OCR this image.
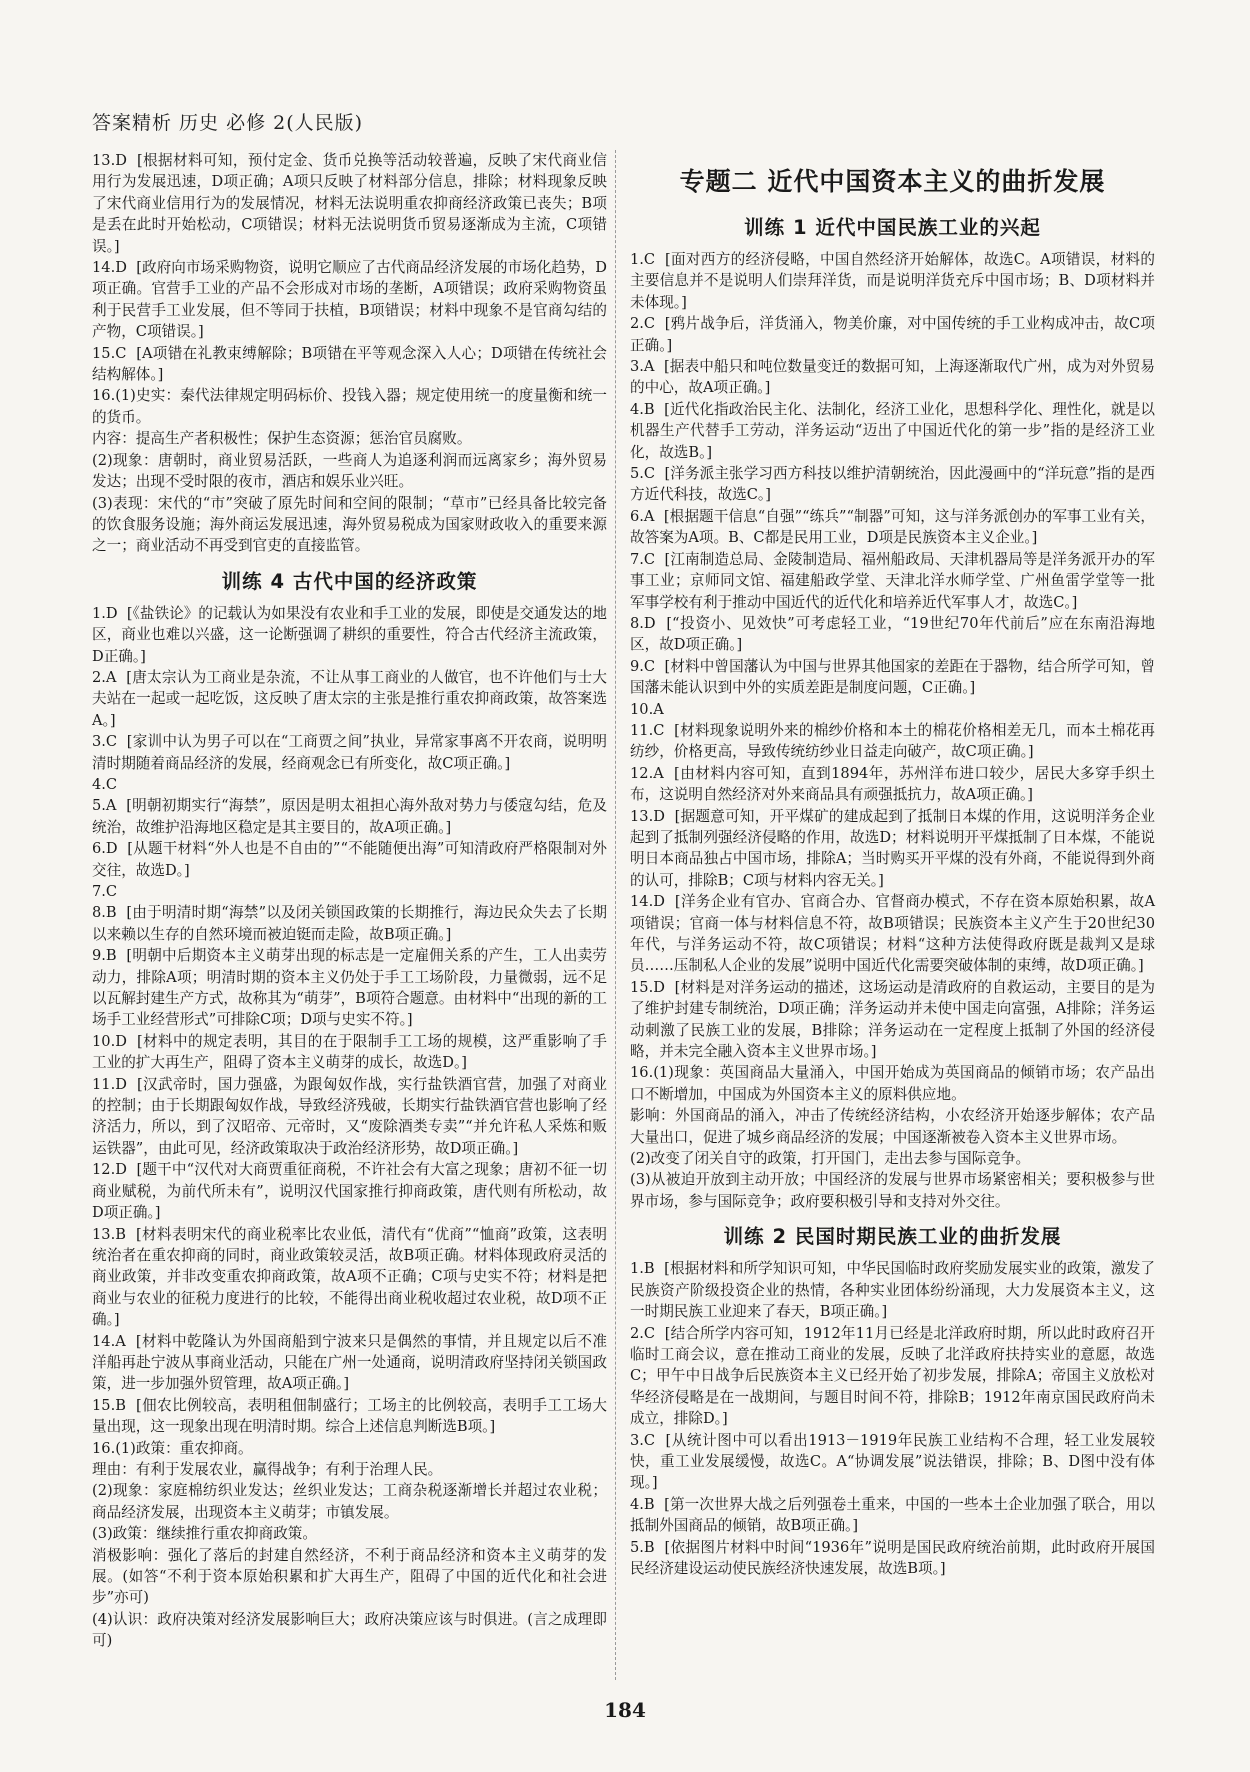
答案精析 历史 必修 2(人民版)

13.D  [根据材料可知，预付定金、货币兑换等活动较普遍，反映了宋代商业信用行为发展迅速，D项正确；A项只反映了材料部分信息，排除；材料现象反映了宋代商业信用行为的发展情况，材料无法说明重农抑商经济政策已丧失；B项是丢在此时开始松动，C项错误；材料无法说明货币贸易逐渐成为主流，C项错误。]

14.D  [政府向市场采购物资，说明它顺应了古代商品经济发展的市场化趋势，D项正确。官营手工业的产品不会形成对市场的垄断，A项错误；政府采购物资虽利于民营手工业发展，但不等同于扶植，B项错误；材料中现象不是官商勾结的产物，C项错误。]

15.C  [A项错在礼教束缚解除；B项错在平等观念深入人心；D项错在传统社会结构解体。]

16.(1)史实：秦代法律规定明码标价、投钱入器；规定使用统一的度量衡和统一的货币。
内容：提高生产者积极性；保护生态资源；惩治官员腐败。
(2)现象：唐朝时，商业贸易活跃，一些商人为追逐利润而远离家乡；海外贸易发达；出现不受时限的夜市，酒店和娱乐业兴旺。
(3)表现：宋代的“市”突破了原先时间和空间的限制；“草市”已经具备比较完备的饮食服务设施；海外商运发展迅速，海外贸易税成为国家财政收入的重要来源之一；商业活动不再受到官吏的直接监管。

训练 4 古代中国的经济政策

1.D  [《盐铁论》的记载认为如果没有农业和手工业的发展，即使是交通发达的地区，商业也难以兴盛，这一论断强调了耕织的重要性，符合古代经济主流政策，D正确。]

2.A  [唐太宗认为工商业是杂流，不让从事工商业的人做官，也不许他们与士大夫站在一起或一起吃饭，这反映了唐太宗的主张是推行重农抑商政策，故答案选A。]

3.C  [家训中认为男子可以在“工商贾之间”执业，异常家事离不开农商，说明明清时期随着商品经济的发展，经商观念已有所变化，故C项正确。]

4.C

5.A  [明朝初期实行“海禁”，原因是明太祖担心海外敌对势力与倭寇勾结，危及统治，故维护沿海地区稳定是其主要目的，故A项正确。]

6.D  [从题干材料“外人也是不自由的”“不能随便出海”可知清政府严格限制对外交往，故选D。]

7.C

8.B  [由于明清时期“海禁”以及闭关锁国政策的长期推行，海边民众失去了长期以来赖以生存的自然环境而被迫铤而走险，故B项正确。]

9.B  [明朝中后期资本主义萌芽出现的标志是一定雇佣关系的产生，工人出卖劳动力，排除A项；明清时期的资本主义仍处于手工工场阶段，力量微弱，远不足以瓦解封建生产方式，故称其为“萌芽”，B项符合题意。由材料中“出现的新的工场手工业经营形式”可排除C项；D项与史实不符。]

10.D  [材料中的规定表明，其目的在于限制手工工场的规模，这严重影响了手工业的扩大再生产，阻碍了资本主义萌芽的成长，故选D。]

11.D  [汉武帝时，国力强盛，为跟匈奴作战，实行盐铁酒官营，加强了对商业的控制；由于长期跟匈奴作战，导致经济残破，长期实行盐铁酒官营也影响了经济活力，所以，到了汉昭帝、元帝时，又“废除酒类专卖”“并允许私人采炼和贩运铁器”，由此可见，经济政策取决于政治经济形势，故D项正确。]

12.D  [题干中“汉代对大商贾重征商税，不许社会有大富之现象；唐初不征一切商业赋税，为前代所未有”，说明汉代国家推行抑商政策，唐代则有所松动，故D项正确。]

13.B  [材料表明宋代的商业税率比农业低，清代有“优商”“恤商”政策，这表明统治者在重农抑商的同时，商业政策较灵活，故B项正确。材料体现政府灵活的商业政策，并非改变重农抑商政策，故A项不正确；C项与史实不符；材料是把商业与农业的征税力度进行的比较，不能得出商业税收超过农业税，故D项不正确。]

14.A  [材料中乾隆认为外国商船到宁波来只是偶然的事情，并且规定以后不准洋船再赴宁波从事商业活动，只能在广州一处通商，说明清政府坚持闭关锁国政策，进一步加强外贸管理，故A项正确。]

15.B  [佃农比例较高，表明租佃制盛行；工场主的比例较高，表明手工工场大量出现，这一现象出现在明清时期。综合上述信息判断选B项。]

16.(1)政策：重农抑商。
理由：有利于发展农业，赢得战争；有利于治理人民。
(2)现象：家庭棉纺织业发达；丝织业发达；工商杂税逐渐增长并超过农业税；商品经济发展，出现资本主义萌芽；市镇发展。
(3)政策：继续推行重农抑商政策。
消极影响：强化了落后的封建自然经济，不利于商品经济和资本主义萌芽的发展。(如答“不利于资本原始积累和扩大再生产，阻碍了中国的近代化和社会进步”亦可)
(4)认识：政府决策对经济发展影响巨大；政府决策应该与时俱进。(言之成理即可)

专题二 近代中国资本主义的曲折发展
训练 1 近代中国民族工业的兴起

1.C  [面对西方的经济侵略，中国自然经济开始解体，故选C。A项错误，材料的主要信息并不是说明人们崇拜洋货，而是说明洋货充斥中国市场；B、D项材料并未体现。]

2.C  [鸦片战争后，洋货涌入，物美价廉，对中国传统的手工业构成冲击，故C项正确。]

3.A  [据表中船只和吨位数量变迁的数据可知，上海逐渐取代广州，成为对外贸易的中心，故A项正确。]

4.B  [近代化指政治民主化、法制化，经济工业化，思想科学化、理性化，就是以机器生产代替手工劳动，洋务运动“迈出了中国近代化的第一步”指的是经济工业化，故选B。]

5.C  [洋务派主张学习西方科技以维护清朝统治，因此漫画中的“洋玩意”指的是西方近代科技，故选C。]

6.A  [根据题干信息“自强”“练兵”“制器”可知，这与洋务派创办的军事工业有关，故答案为A项。B、C都是民用工业，D项是民族资本主义企业。]

7.C  [江南制造总局、金陵制造局、福州船政局、天津机器局等是洋务派开办的军事工业；京师同文馆、福建船政学堂、天津北洋水师学堂、广州鱼雷学堂等一批军事学校有利于推动中国近代的近代化和培养近代军事人才，故选C。]

8.D  [“投资小、见效快”可考虑轻工业，“19世纪70年代前后”应在东南沿海地区，故D项正确。]

9.C  [材料中曾国藩认为中国与世界其他国家的差距在于器物，结合所学可知，曾国藩未能认识到中外的实质差距是制度问题，C正确。]

10.A

11.C  [材料现象说明外来的棉纱价格和本土的棉花价格相差无几，而本土棉花再纺纱，价格更高，导致传统纺纱业日益走向破产，故C项正确。]

12.A  [由材料内容可知，直到1894年，苏州洋布进口较少，居民大多穿手织土布，这说明自然经济对外来商品具有顽强抵抗力，故A项正确。]

13.D  [据题意可知，开平煤矿的建成起到了抵制日本煤的作用，这说明洋务企业起到了抵制列强经济侵略的作用，故选D；材料说明开平煤抵制了日本煤，不能说明日本商品独占中国市场，排除A；当时购买开平煤的没有外商，不能说得到外商的认可，排除B；C项与材料内容无关。]

14.D  [洋务企业有官办、官商合办、官督商办模式，不存在资本原始积累，故A项错误；官商一体与材料信息不符，故B项错误；民族资本主义产生于20世纪30年代，与洋务运动不符，故C项错误；材料“这种方法使得政府既是裁判又是球员……压制私人企业的发展”说明中国近代化需要突破体制的束缚，故D项正确。]

15.D  [材料是对洋务运动的描述，这场运动是清政府的自救运动，主要目的是为了维护封建专制统治，D项正确；洋务运动并未使中国走向富强，A排除；洋务运动刺激了民族工业的发展，B排除；洋务运动在一定程度上抵制了外国的经济侵略，并未完全融入资本主义世界市场。]

16.(1)现象：英国商品大量涌入，中国开始成为英国商品的倾销市场；农产品出口不断增加，中国成为外国资本主义的原料供应地。
影响：外国商品的涌入，冲击了传统经济结构，小农经济开始逐步解体；农产品大量出口，促进了城乡商品经济的发展；中国逐渐被卷入资本主义世界市场。
(2)改变了闭关自守的政策，打开国门，走出去参与国际竞争。
(3)从被迫开放到主动开放；中国经济的发展与世界市场紧密相关；要积极参与世界市场，参与国际竞争；政府要积极引导和支持对外交往。

训练 2 民国时期民族工业的曲折发展

1.B  [根据材料和所学知识可知，中华民国临时政府奖励发展实业的政策，激发了民族资产阶级投资企业的热情，各种实业团体纷纷涌现，大力发展资本主义，这一时期民族工业迎来了春天，B项正确。]

2.C  [结合所学内容可知，1912年11月已经是北洋政府时期，所以此时政府召开临时工商会议，意在推动工商业的发展，反映了北洋政府扶持实业的意愿，故选C；甲午中日战争后民族资本主义已经开始了初步发展，排除A；帝国主义放松对华经济侵略是在一战期间，与题目时间不符，排除B；1912年南京国民政府尚未成立，排除D。]

3.C  [从统计图中可以看出1913－1919年民族工业结构不合理，轻工业发展较快，重工业发展缓慢，故选C。A“协调发展”说法错误，排除；B、D图中没有体现。]

4.B  [第一次世界大战之后列强卷土重来，中国的一些本土企业加强了联合，用以抵制外国商品的倾销，故B项正确。]

5.B  [依据图片材料中时间“1936年”说明是国民政府统治前期，此时政府开展国民经济建设运动使民族经济快速发展，故选B项。]

184
